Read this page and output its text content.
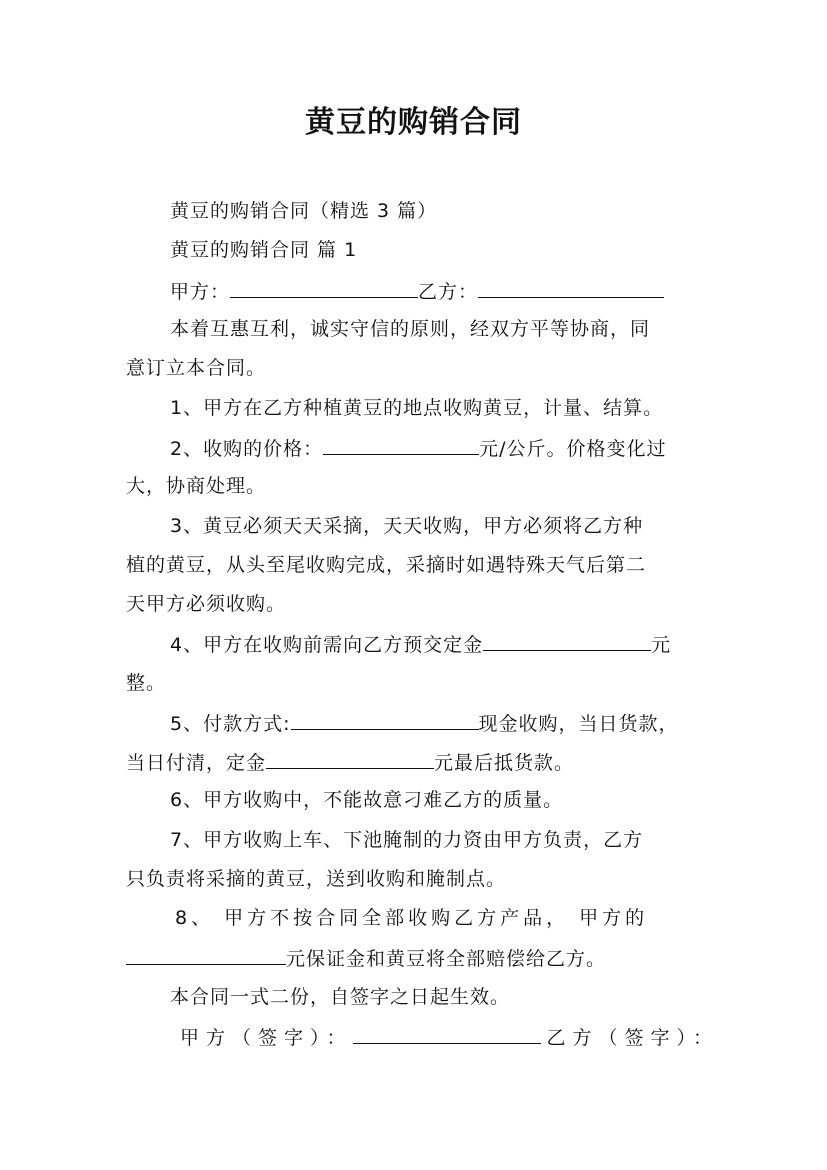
黄豆的购销合同
黄豆的购销合同（精选 3 篇）
黄豆的购销合同 篇 1
甲方：	乙方：
本着互惠互利，诚实守信的原则，经双方平等协商，同
意订立本合同。
1、甲方在乙方种植黄豆的地点收购黄豆，计量、结算。
2、收购的价格：	元/公斤。价格变化过
大，协商处理。
3、黄豆必须天天采摘，天天收购，甲方必须将乙方种
植的黄豆，从头至尾收购完成，采摘时如遇特殊天气后第二
天甲方必须收购。
4、甲方在收购前需向乙方预交定金	元
整。
5、付款方式:	现金收购，当日货款，
当日付清，定金	元最后抵货款。
6、甲方收购中，不能故意刁难乙方的质量。
7、甲方收购上车、下池腌制的力资由甲方负责，乙方
只负责将采摘的黄豆，送到收购和腌制点。
8、 甲方不按合同全部收购乙方产品， 甲方的
元保证金和黄豆将全部赔偿给乙方。
本合同一式二份，自签字之日起生效。
甲方（签字）：	乙方（签字）：
